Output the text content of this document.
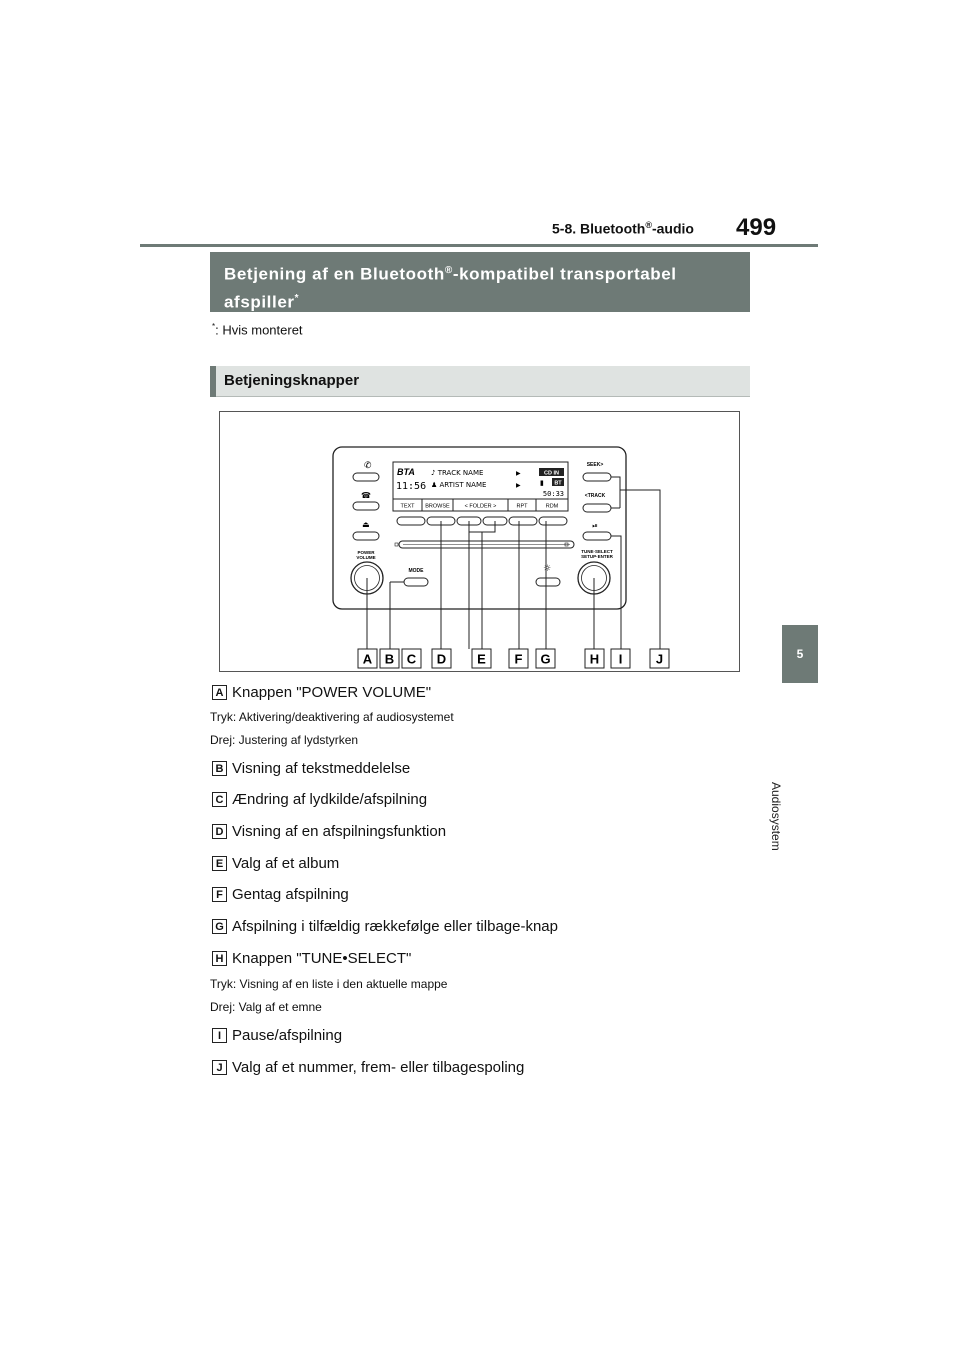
5-8. Bluetooth®-audio 499
5
Audiosystem
Betjening af en Bluetooth®-kompatibel transportabel
afspiller*
*: Hvis monteret
Betjeningsknapper
✆
☎
⏏
POWER
VOLUME
BTA
11:56
♪ TRACK NAME
♟ ARTIST NAME
▶
▶
CD IN
▮ BT
50:33
TEXT BROWSE	< FOLDER >	RPT	RDM
MODE	☼
SEEK>
<TRACK
⏯
TUNE·SELECT
SETUP·ENTER
A B C D E F G	H I	J
A Knappen "POWER VOLUME"
Tryk: Aktivering/deaktivering af audiosystemet
Drej: Justering af lydstyrken
B Visning af tekstmeddelelse
C Ændring af lydkilde/afspilning
D Visning af en afspilningsfunktion
E Valg af et album
F Gentag afspilning
G Afspilning i tilfældig rækkefølge eller tilbage-knap
H Knappen "TUNE•SELECT"
Tryk: Visning af en liste i den aktuelle mappe
Drej: Valg af et emne
I Pause/afspilning
J Valg af et nummer, frem- eller tilbagespoling
